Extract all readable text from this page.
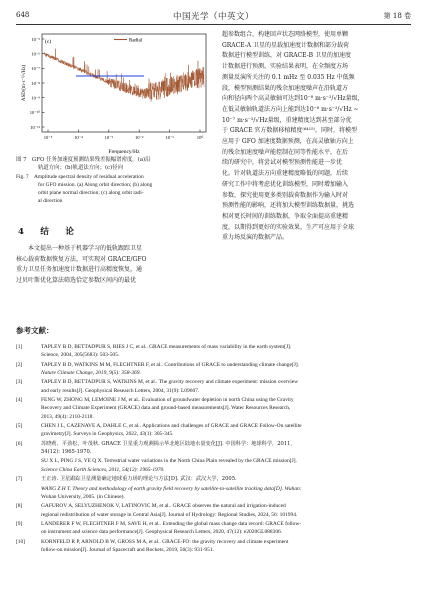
648	中国光学（中英文）	第 18 卷
(c)	Radial
ASD/(m·s⁻²/√Hz)
Frequency/Hz
10⁻⁵
10⁻⁶
10⁻⁷
10⁻⁸
10⁻⁹
10⁻¹⁰
10⁻¹¹
10⁻⁵	10⁻⁴	10⁻³	10⁻²	10⁻¹	10⁰

图 7　GFO 任务加速度预测结果残差振幅谱密度。(a)沿
轨道方向；(b)轨道法方向；(c)径向

Fig. 7　Amplitude spectral density of residual acceleration
for GFO mission. (a) Along orbit direction; (b) along
orbit plane normal direction; (c) along orbit radi-
al direction

4　结　论

本文提出一种基于机器学习的低轨跟踪卫星
核心载荷数据恢复方法，可实现对 GRACE/GFO
重力卫星任务加速度计数据进行高精度恢复。通
过贝叶斯优化算法筛选恰定参数区间内的最优

超参数组合，构建回声状态网络模型，使用单颗
GRACE-A 卫星的星载加速度计数据和部分载荷
数据进行模型训练，对 GRACE-B 卫星的加速度
计数据进行预测。实验结果表明，在全频度方场
测量反演所关注的 0.1 mHz 至 0.035 Hz 中低频
段，模型预测结果的残余加速度噪声在沿轨道方
向和径向两个高灵敏轴可达到10⁻⁸ m·s⁻²/√Hz量级，
在低灵敏轴轨道法方向上能到达10⁻⁸ m·s⁻²/√Hz ~
10⁻⁷ m·s⁻²/√Hz量级，重建精度达到甚至部分优
于 GRACE 官方数据移植精度⁽⁶⁴¹⁵⁾。同时，将模型
应用于 GFO 加速度数据预测，在高灵敏轴方向上
的残余加速度噪声能控制在同等性能水平，在后
续的研究中，将尝试对模型预测性能进一步优
化。针对轨道法方向重建精度略低的问题，后续
研究工作中将考虑优化训练模型，同时增加输入
参数，探究使用更多类别载荷数据作为输入时对
预测性能的影响，还将加大模型训练数据量，挑选
相对更长时间的训练数据，争取全面提高重建精
度，以期得到更好的实验效果，生产可应用于全球
重力场反演的数据产品。

参考文献：
[1]	TAPLEY B D, BETTADPUR S, RIES J C, et al.. GRACE measurements of mass variability in the earth system[J].
Science, 2004, 305(5683): 503-505.
[2]	TAPLEY B D, WATKINS M M, FLECHTNER F, et al.. Contributions of GRACE to understanding climate change[J].
Nature Climate Change, 2019, 9(5): 358-369.
[3]	TAPLEY B D, BETTADPUR S, WATKINS M, et al.. The gravity recovery and climate experiment: mission overview
and early results[J]. Geophysical Research Letters, 2004, 31(9): L09607.
[4]	FENG W, ZHONG M, LEMOINE J M, et al.. Evaluation of groundwater depletion in north China using the Gravity
Recovery and Climate Experiment (GRACE) data and ground-based measurements[J]. Water Resources Research,
2013, 49(4): 2110-2118.
[5]	CHEN J L, CAZENAVE A, DAHLE C, et al.. Applications and challenges of GRACE and GRACE Follow-On satellite
gravimetry[J]. Surveys in Geophysics, 2022, 43(1): 305-345.
[6]	苏晓莉，平劲松，叶茂秋. GRACE 卫星重力观测揭示华北地区陆地水量变化[J]. 中国科学：地球科学，2011,
54(12): 1965-1970.
SU X L, PING J S, YE Q X. Terrestrial water variations in the North China Plain revealed by the GRACE mission[J].
Science China Earth Sciences, 2011, 54(12): 1965-1970.
[7]	王正涛. 卫星跟踪卫星测量确定地球重力场的理论与方法[D]. 武汉：武汉大学，2005.
WANG Z H T. Theory and methodology of earth gravity field recovery by satellite-to-satellite tracking data[D]. Wuhan:
Wuhan University, 2005. (in Chinese).
[8]	GAFUROV A, SELYUZHENOK V, LATINOVIC M, et al.. GRACE observes the natural and irrigation-induced
regional redistribution of water storage in Central Asia[J]. Journal of Hydrology: Regional Studies, 2024, 56: 101994.
[9]	LANDERER F W, FLECHTNER F M, SAVE H, et al.. Extending the global mass change data record: GRACE follow-
on instrument and science data performance[J]. Geophysical Research Letters, 2020, 47(12): e2020GL088306.
[10]	KORNFELD R P, ARNOLD B W, GROSS M A, et al.. GRACE-FO: the gravity recovery and climate experiment
follow-on mission[J]. Journal of Spacecraft and Rockets, 2019, 56(3): 931-951.
